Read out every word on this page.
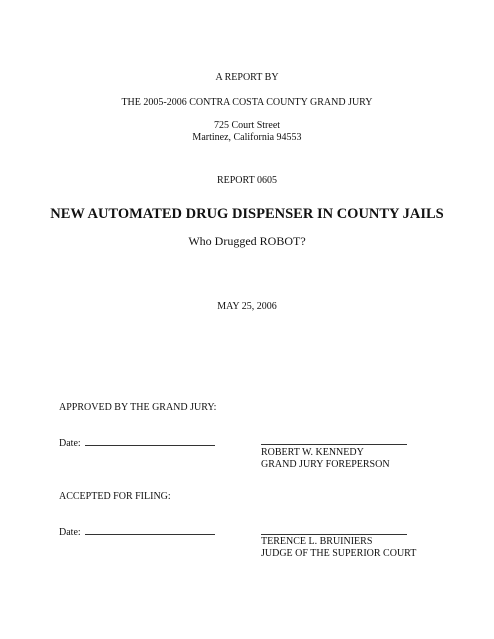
A REPORT BY
THE 2005-2006 CONTRA COSTA COUNTY GRAND JURY
725 Court Street
Martinez, California 94553
REPORT 0605
NEW AUTOMATED DRUG DISPENSER IN COUNTY JAILS
Who Drugged ROBOT?
MAY 25, 2006
APPROVED BY THE GRAND JURY:
Date:
ROBERT W. KENNEDY
GRAND JURY FOREPERSON
ACCEPTED FOR FILING:
Date:
TERENCE L. BRUINIERS
JUDGE OF THE SUPERIOR COURT
